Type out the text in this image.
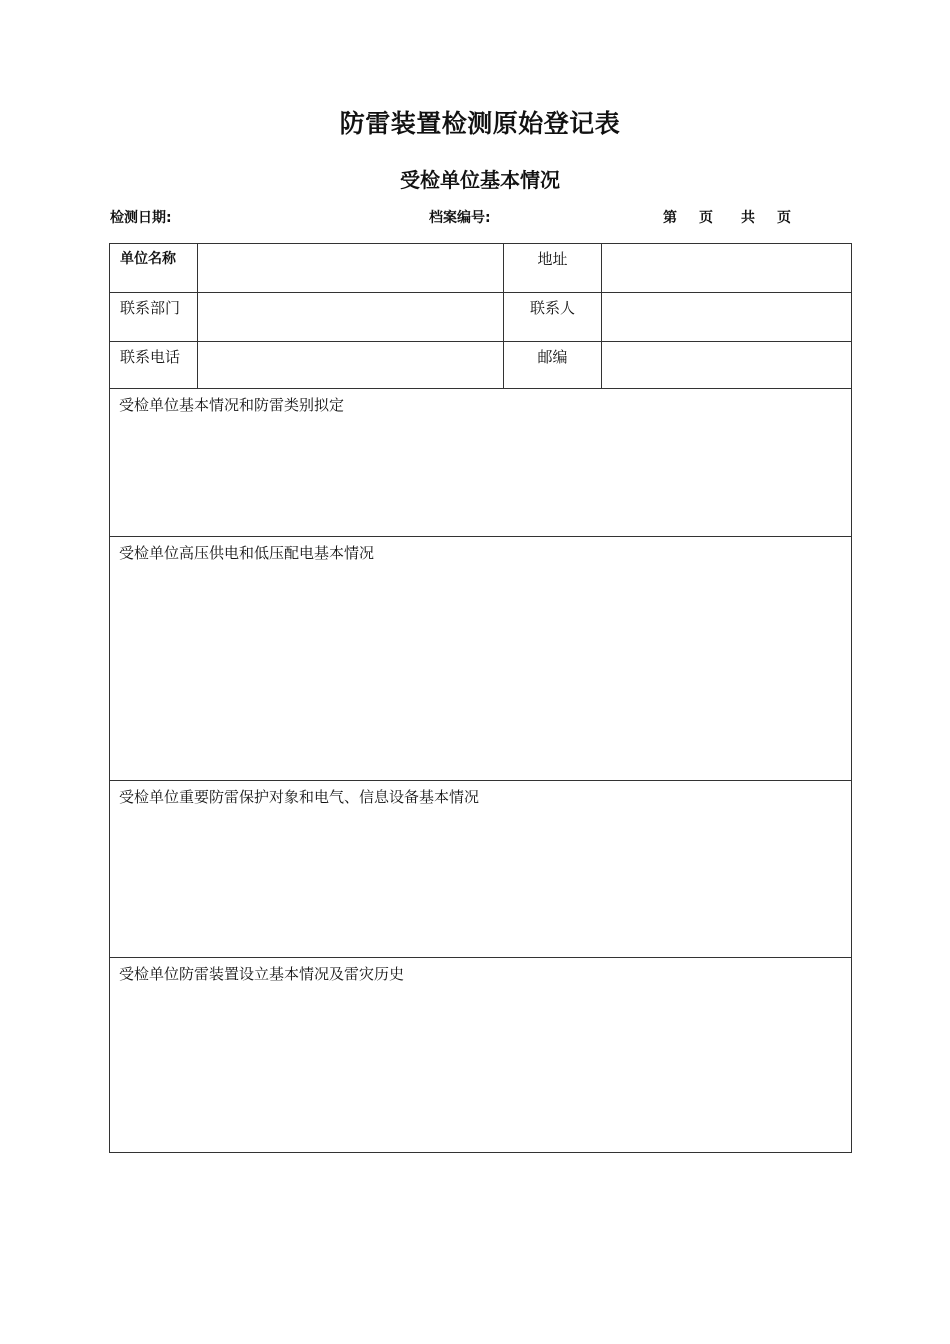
防雷装置检测原始登记表
受检单位基本情况
检测日期:	档案编号:	第 页 共 页
单位名称		地址	
联系部门		联系人	
联系电话		邮编	

受检单位基本情况和防雷类别拟定			

受检单位高压供电和低压配电基本情况			

受检单位重要防雷保护对象和电气、信息设备基本情况			

受检单位防雷装置设立基本情况及雷灾历史			
